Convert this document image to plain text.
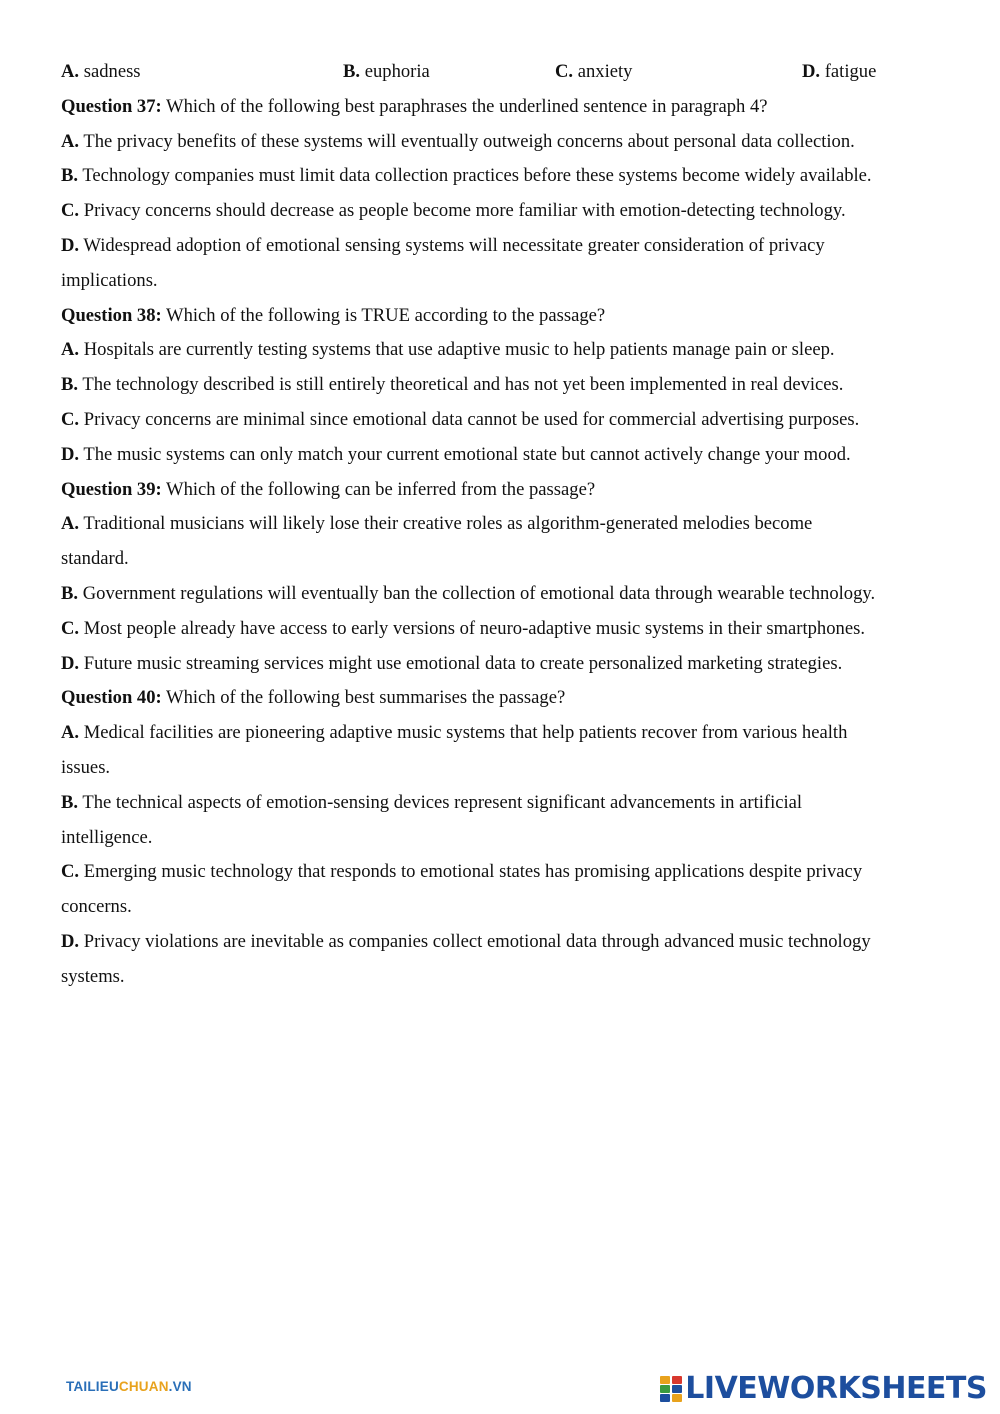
A. sadness	B. euphoria	C. anxiety	D. fatigue
Question 37: Which of the following best paraphrases the underlined sentence in paragraph 4?
A. The privacy benefits of these systems will eventually outweigh concerns about personal data collection.
B. Technology companies must limit data collection practices before these systems become widely available.
C. Privacy concerns should decrease as people become more familiar with emotion-detecting technology.
D. Widespread adoption of emotional sensing systems will necessitate greater consideration of privacy
implications.
Question 38: Which of the following is TRUE according to the passage?
A. Hospitals are currently testing systems that use adaptive music to help patients manage pain or sleep.
B. The technology described is still entirely theoretical and has not yet been implemented in real devices.
C. Privacy concerns are minimal since emotional data cannot be used for commercial advertising purposes.
D. The music systems can only match your current emotional state but cannot actively change your mood.
Question 39: Which of the following can be inferred from the passage?
A. Traditional musicians will likely lose their creative roles as algorithm-generated melodies become
standard.
B. Government regulations will eventually ban the collection of emotional data through wearable technology.
C. Most people already have access to early versions of neuro-adaptive music systems in their smartphones.
D. Future music streaming services might use emotional data to create personalized marketing strategies.
Question 40: Which of the following best summarises the passage?
A. Medical facilities are pioneering adaptive music systems that help patients recover from various health
issues.
B. The technical aspects of emotion-sensing devices represent significant advancements in artificial
intelligence.
C. Emerging music technology that responds to emotional states has promising applications despite privacy
concerns.
D. Privacy violations are inevitable as companies collect emotional data through advanced music technology
systems.
TAILIEUCHUAN.VN	LIVEWORKSHEETS
